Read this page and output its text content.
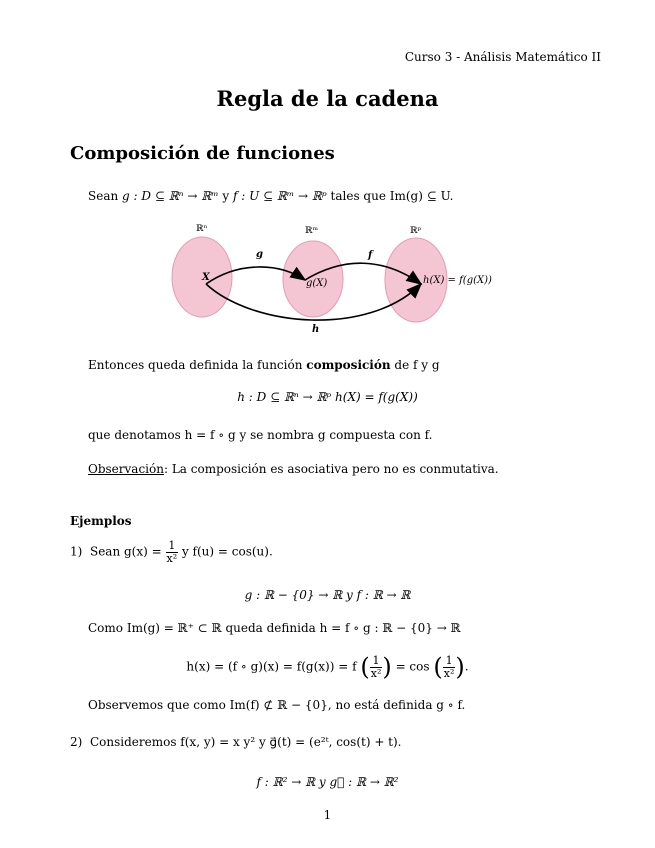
Curso 3 - Análisis Matemático II
Regla de la cadena
Composición de funciones
Sean g : D ⊆ ℝⁿ → ℝᵐ y f : U ⊆ ℝᵐ → ℝᵖ tales que Im(g) ⊆ U.
ℝⁿ	ℝᵐ	ℝᵖ
g	f
h
X
g(X)	h(X) = f(g(X))
Entonces queda definida la función composición de f y g
h : D ⊆ ℝⁿ → ℝᵖ h(X) = f(g(X))
que denotamos h = f ∘ g y se nombra g compuesta con f.
Observación: La composición es asociativa pero no es conmutativa.
Ejemplos
1) Sean $g(x) = \frac{1}{\text{x²}}$ y f(u) = cos(u).
g : ℝ − {0} → ℝ y f : ℝ → ℝ
Como Im(g) = ℝ⁺ ⊂ ℝ queda definida h = f ∘ g : ℝ − {0} → ℝ
h(x) = (f ∘ g)(x) = f(g(x)) = f ( $\frac{1}{\text{x²}}$ ) = cos ( $\frac{1}{\text{x²}}$ ).
Observemos que como Im(f) ⊄ ℝ − {0}, no está definida g ∘ f.
2) Consideremos f(x, y) = x y² y g⃗(t) = (e²ᵗ, cos(t) + t).
f : ℝ² → ℝ y g⃗ : ℝ → ℝ²
1
